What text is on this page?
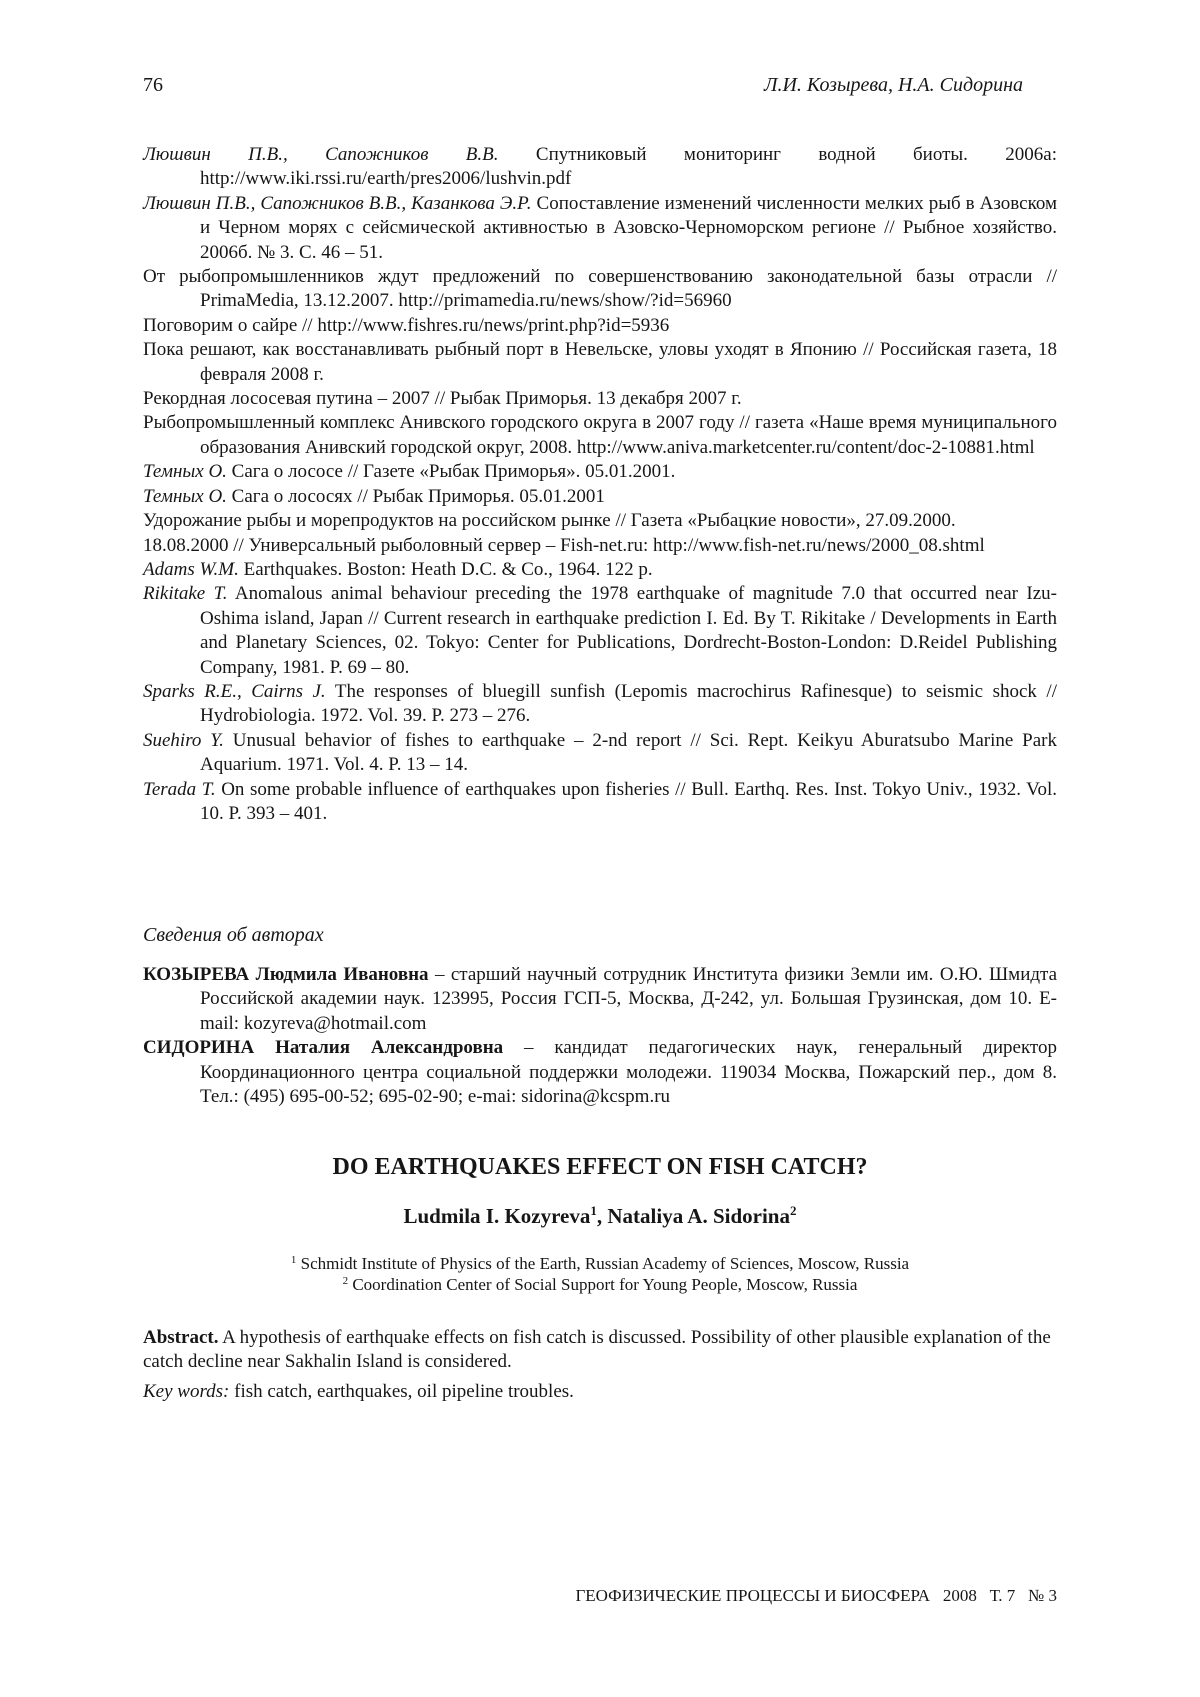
76	Л.И. Козырева, Н.А. Сидорина

Люшвин П.В., Сапожников В.В. Спутниковый мониторинг водной биоты. 2006а: http://www.iki.rssi.ru/earth/pres2006/lushvin.pdf

Люшвин П.В., Сапожников В.В., Казанкова Э.Р. Сопоставление изменений численности мелких рыб в Азовском и Черном морях с сейсмической активностью в Азовско-Черноморском регионе // Рыбное хозяйство. 2006б. № 3. С. 46 – 51.

От рыбопромышленников ждут предложений по совершенствованию законодательной базы отрасли // PrimaMedia, 13.12.2007. http://primamedia.ru/news/show/?id=56960

Поговорим о сайре // http://www.fishres.ru/news/print.php?id=5936

Пока решают, как восстанавливать рыбный порт в Невельске, уловы уходят в Японию // Российская газета, 18 февраля 2008 г.

Рекордная лососевая путина – 2007 // Рыбак Приморья. 13 декабря 2007 г.

Рыбопромышленный комплекс Анивского городского округа в 2007 году // газета «Наше время муниципального образования Анивский городской округ, 2008. http://www.aniva.marketcenter.ru/content/doc-2-10881.html

Темных О. Сага о лососе // Газете «Рыбак Приморья». 05.01.2001.

Темных О. Сага о лососях // Рыбак Приморья. 05.01.2001

Удорожание рыбы и морепродуктов на российском рынке // Газета «Рыбацкие новости», 27.09.2000.

18.08.2000 // Универсальный рыболовный сервер – Fish-net.ru: http://www.fish-net.ru/news/2000_08.shtml

Adams W.M. Earthquakes. Boston: Heath D.C. & Co., 1964. 122 p.

Rikitake T. Anomalous animal behaviour preceding the 1978 earthquake of magnitude 7.0 that occurred near Izu-Oshima island, Japan // Current research in earthquake prediction I. Ed. By T. Rikitake / Developments in Earth and Planetary Sciences, 02. Tokyo: Center for Publications, Dordrecht-Boston-London: D.Reidel Publishing Company, 1981. P. 69 – 80.

Sparks R.E., Cairns J. The responses of bluegill sunfish (Lepomis macrochirus Rafinesque) to seismic shock // Hydrobiologia. 1972. Vol. 39. P. 273 – 276.

Suehiro Y. Unusual behavior of fishes to earthquake – 2-nd report // Sci. Rept. Keikyu Aburatsubo Marine Park Aquarium. 1971. Vol. 4. P. 13 – 14.

Terada T. On some probable influence of earthquakes upon fisheries // Bull. Earthq. Res. Inst. Tokyo Univ., 1932. Vol. 10. P. 393 – 401.

Сведения об авторах

КОЗЫРЕВА Людмила Ивановна – старший научный сотрудник Института физики Земли им. О.Ю. Шмидта Российской академии наук. 123995, Россия ГСП-5, Москва, Д-242, ул. Большая Грузинская, дом 10. E-mail: kozyreva@hotmail.com

СИДОРИНА Наталия Александровна – кандидат педагогических наук, генеральный директор Координационного центра социальной поддержки молодежи. 119034 Москва, Пожарский пер., дом 8. Тел.: (495) 695-00-52; 695-02-90; e-mai: sidorina@kcspm.ru

DO EARTHQUAKES EFFECT ON FISH CATCH?
Ludmila I. Kozyreva$^1$, Nataliya A. Sidorina$^2$
$^1$ Schmidt Institute of Physics of the Earth, Russian Academy of Sciences, Moscow, Russia
$^2$ Coordination Center of Social Support for Young People, Moscow, Russia
Abstract. A hypothesis of earthquake effects on fish catch is discussed. Possibility of other plausible explanation of the catch decline near Sakhalin Island is considered.
Key words: fish catch, earthquakes, oil pipeline troubles.
ГЕОФИЗИЧЕСКИЕ ПРОЦЕССЫ И БИОСФЕРА 2008 Т. 7 № 3
